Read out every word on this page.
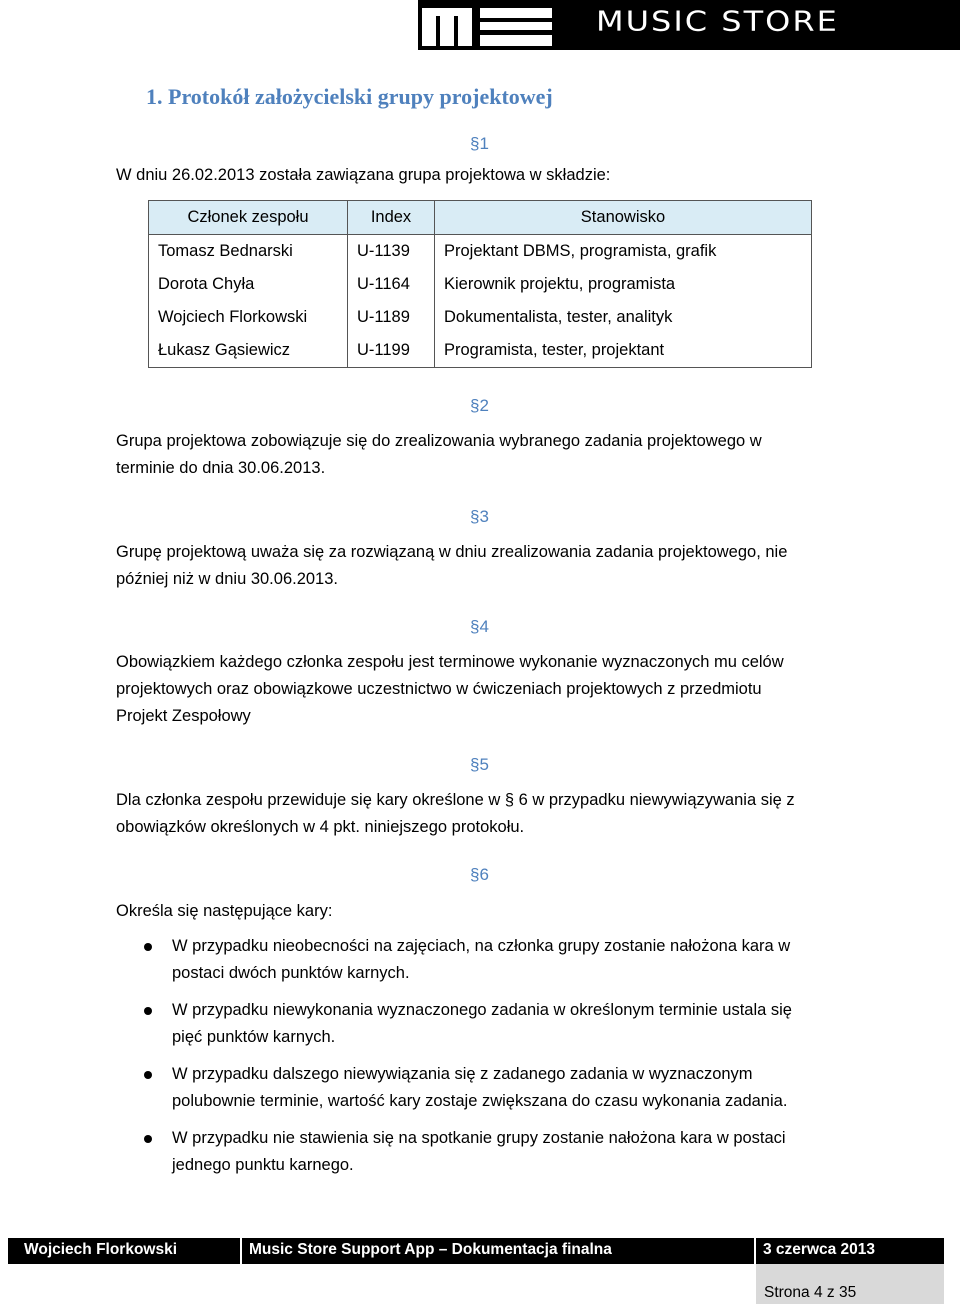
MUSIC STORE
1. Protokół założycielski grupy projektowej
§1
W dniu 26.02.2013 została zawiązana grupa projektowa w składzie:
Członek zespołu	Index	Stanowisko
Tomasz Bednarski	U-1139	Projektant DBMS, programista, grafik
Dorota Chyła	U-1164	Kierownik projektu, programista
Wojciech Florkowski	U-1189	Dokumentalista, tester, analityk
Łukasz Gąsiewicz	U-1199	Programista, tester, projektant
§2
Grupa projektowa zobowiązuje się do zrealizowania wybranego zadania projektowego w
terminie do dnia 30.06.2013.
§3
Grupę projektową uważa się za rozwiązaną w dniu zrealizowania zadania projektowego, nie
później niż w dniu 30.06.2013.
§4
Obowiązkiem każdego członka zespołu jest terminowe wykonanie wyznaczonych mu celów
projektowych oraz obowiązkowe uczestnictwo w ćwiczeniach projektowych z przedmiotu
Projekt Zespołowy
§5
Dla członka zespołu przewiduje się kary określone w § 6 w przypadku niewywiązywania się z
obowiązków określonych w 4 pkt. niniejszego protokołu.
§6
Określa się następujące kary:
W przypadku nieobecności na zajęciach, na członka grupy zostanie nałożona kara w
postaci dwóch punktów karnych.
W przypadku niewykonania wyznaczonego zadania w określonym terminie ustala się
pięć punktów karnych.
W przypadku dalszego niewywiązania się z zadanego zadania w wyznaczonym
polubownie terminie, wartość kary zostaje zwiększana do czasu wykonania zadania.
W przypadku nie stawienia się na spotkanie grupy zostanie nałożona kara w postaci
jednego punktu karnego.
Wojciech Florkowski	Music Store Support App – Dokumentacja finalna	3 czerwca 2013
Strona 4 z 35
